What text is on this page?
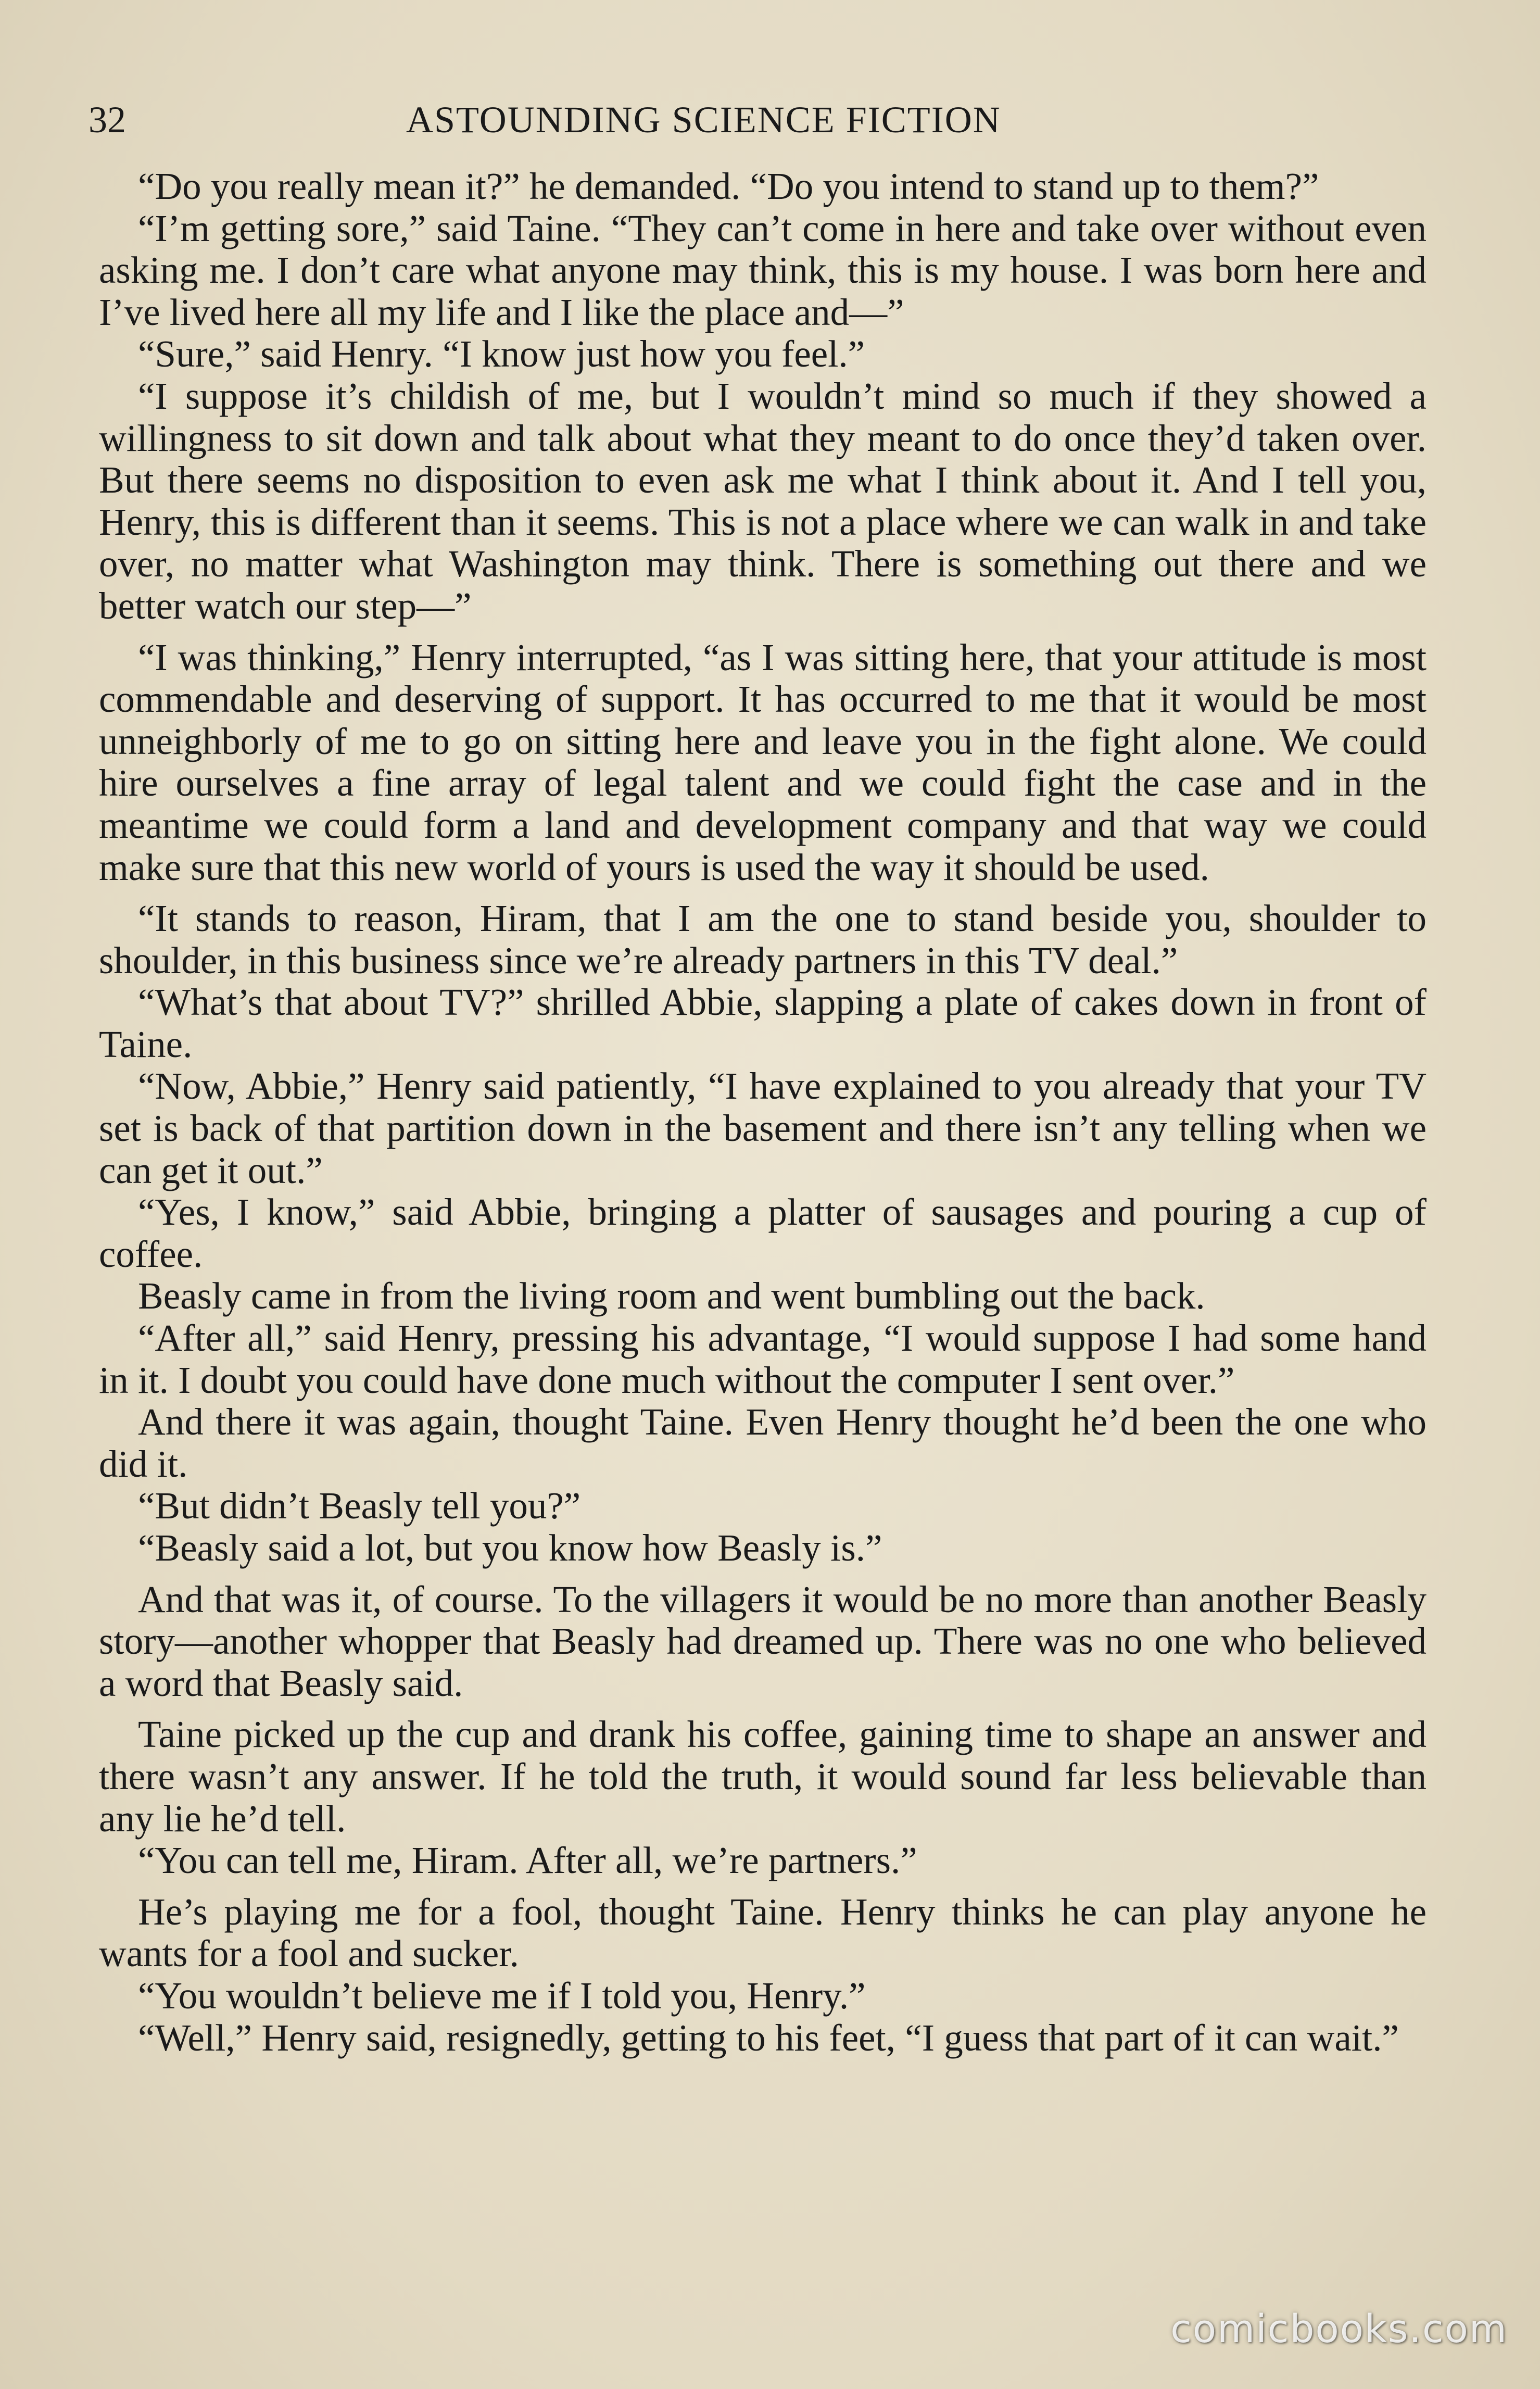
32	ASTOUNDING SCIENCE FICTION

“Do you really mean it?” he demanded. “Do you intend to stand up to them?”

“I’m getting sore,” said Taine. “They can’t come in here and take over without even asking me. I don’t care what anyone may think, this is my house. I was born here and I’ve lived here all my life and I like the place and—”

“Sure,” said Henry. “I know just how you feel.”

“I suppose it’s childish of me, but I wouldn’t mind so much if they showed a willingness to sit down and talk about what they meant to do once they’d taken over. But there seems no disposition to even ask me what I think about it. And I tell you, Henry, this is different than it seems. This is not a place where we can walk in and take over, no matter what Washington may think. There is something out there and we better watch our step—”

“I was thinking,” Henry interrupted, “as I was sitting here, that your attitude is most commendable and deserving of support. It has occurred to me that it would be most unneighborly of me to go on sitting here and leave you in the fight alone. We could hire ourselves a fine array of legal talent and we could fight the case and in the meantime we could form a land and development company and that way we could make sure that this new world of yours is used the way it should be used.

“It stands to reason, Hiram, that I am the one to stand beside you, shoulder to shoulder, in this business since we’re already partners in this TV deal.”

“What’s that about TV?” shrilled Abbie, slapping a plate of cakes down in front of Taine.

“Now, Abbie,” Henry said patiently, “I have explained to you already that your TV set is back of that partition down in the basement and there isn’t any telling when we can get it out.”

“Yes, I know,” said Abbie, bringing a platter of sausages and pouring a cup of coffee.

Beasly came in from the living room and went bumbling out the back.

“After all,” said Henry, pressing his advantage, “I would suppose I had some hand in it. I doubt you could have done much without the computer I sent over.”

And there it was again, thought Taine. Even Henry thought he’d been the one who did it.

“But didn’t Beasly tell you?”

“Beasly said a lot, but you know how Beasly is.”

And that was it, of course. To the villagers it would be no more than another Beasly story—another whopper that Beasly had dreamed up. There was no one who believed a word that Beasly said.

Taine picked up the cup and drank his coffee, gaining time to shape an answer and there wasn’t any answer. If he told the truth, it would sound far less believable than any lie he’d tell.

“You can tell me, Hiram. After all, we’re partners.”

He’s playing me for a fool, thought Taine. Henry thinks he can play anyone he wants for a fool and sucker.

“You wouldn’t believe me if I told you, Henry.”

“Well,” Henry said, resignedly, getting to his feet, “I guess that part of it can wait.”

comicbooks.com
